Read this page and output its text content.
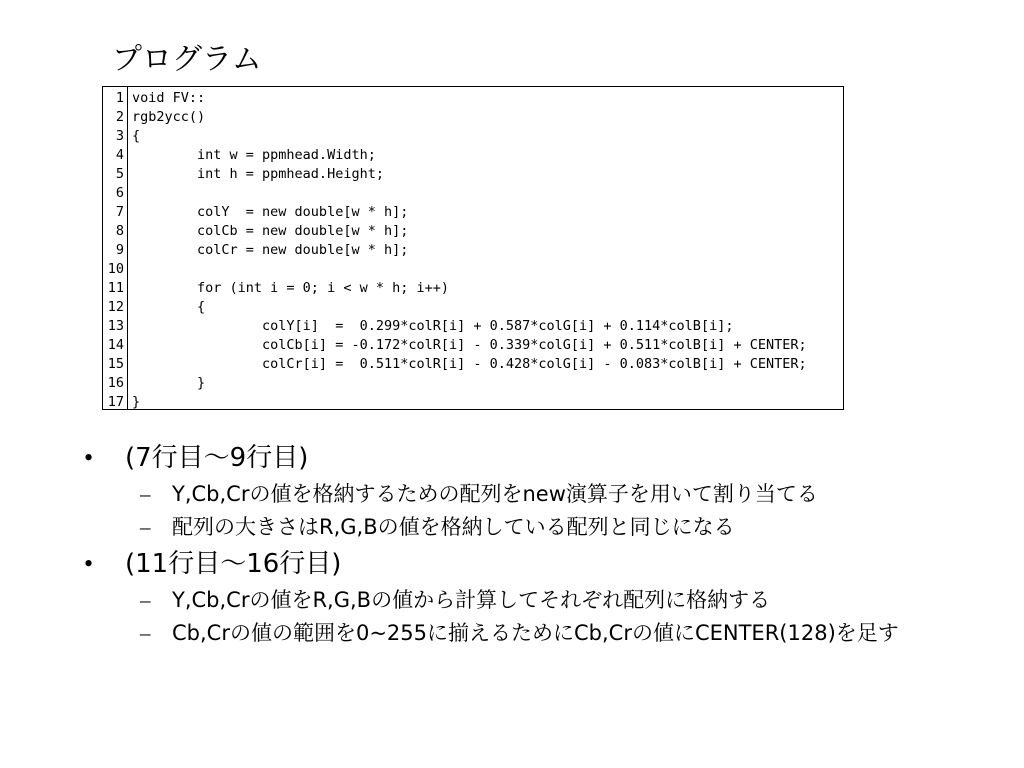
プログラム
1 void FV::
2 rgb2ycc()
3 {
4 int w = ppmhead.Width;
5 int h = ppmhead.Height;
6
7 colY  = new double[w * h];
8 colCb = new double[w * h];
9 colCr = new double[w * h];
10
11 for (int i = 0; i < w * h; i++)
12 {
13 colY[i]  =  0.299*colR[i] + 0.587*colG[i] + 0.114*colB[i];
14 colCb[i] = -0.172*colR[i] - 0.339*colG[i] + 0.511*colB[i] + CENTER;
15 colCr[i] =  0.511*colR[i] - 0.428*colG[i] - 0.083*colB[i] + CENTER;
16 }
17 }
•	(7行目～9行目)
– Y,Cb,Crの値を格納するための配列をnew演算子を用いて割り当てる
– 配列の大きさはR,G,Bの値を格納している配列と同じになる
•	(11行目～16行目)
– Y,Cb,Crの値をR,G,Bの値から計算してそれぞれ配列に格納する
– Cb,Crの値の範囲を0~255に揃えるためにCb,Crの値にCENTER(128)を足す
